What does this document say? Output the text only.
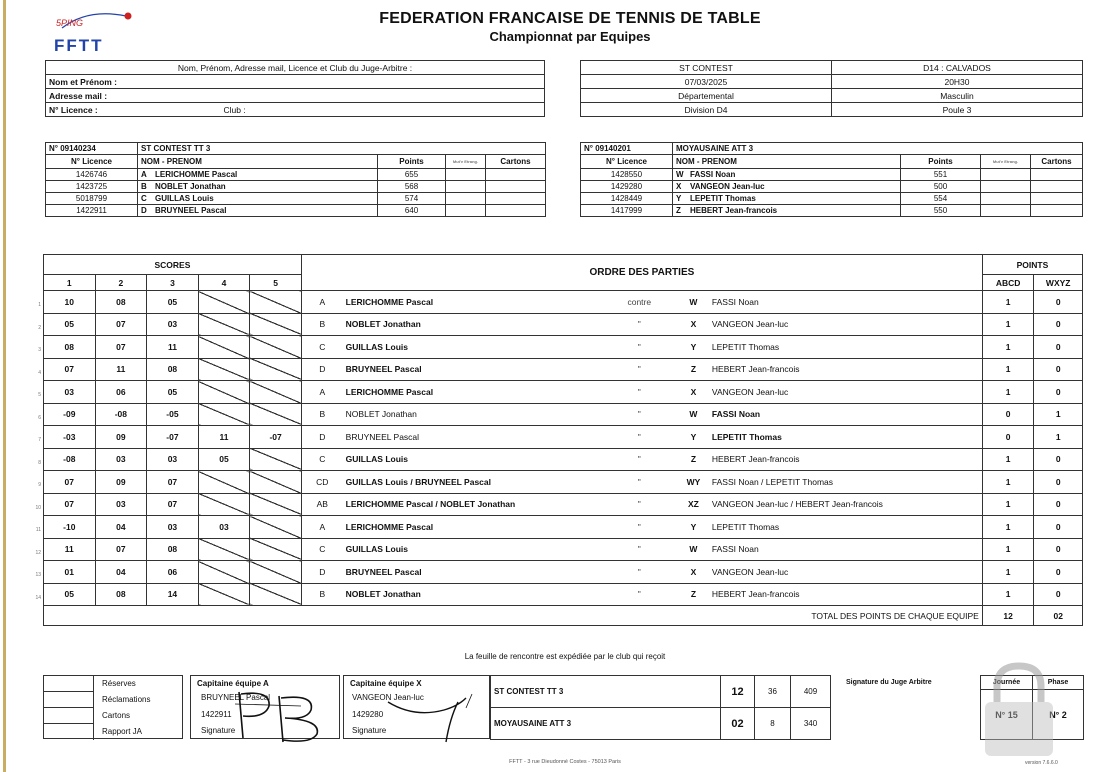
5PING
FFTT
FEDERATION FRANCAISE DE TENNIS DE TABLE
Championnat par Equipes
Nom, Prénom, Adresse mail, Licence et Club du Juge-Arbitre :
Nom et Prénom :
Adresse mail :
N° Licence :	Club :
ST CONTEST	D14 : CALVADOS
07/03/2025	20H30
Départemental	Masculin
Division D4	Poule 3
N° 09140234	ST CONTEST TT 3			
N° Licence	NOM - PRENOM	Points	Mut'e Etrang.	Cartons
1426746	A LERICHOMME Pascal	655		
1423725	B NOBLET Jonathan	568		
5018799	C GUILLAS Louis	574		
1422911	D BRUYNEEL Pascal	640		
N° 09140201	MOYAUSAINE ATT 3			
N° Licence	NOM - PRENOM	Points	Mut'e Etrang.	Cartons
1428550	W FASSI Noan	551		
1429280	X VANGEON Jean-luc	500		
1428449	Y LEPETIT Thomas	554		
1417999	Z HEBERT Jean-francois	550		
SCORES					ORDRE DES PARTIES					POINTS	
1	2	3	4	5						ABCD	WXYZ
10	08	05			A	LERICHOMME Pascal	contre	W	FASSI Noan	1	0
05	07	03			B	NOBLET Jonathan	"	X	VANGEON Jean-luc	1	0
08	07	11			C	GUILLAS Louis	"	Y	LEPETIT Thomas	1	0
07	11	08			D	BRUYNEEL Pascal	"	Z	HEBERT Jean-francois	1	0
03	06	05			A	LERICHOMME Pascal	"	X	VANGEON Jean-luc	1	0
-09	-08	-05			B	NOBLET Jonathan	"	W	FASSI Noan	0	1
-03	09	-07	11	-07	D	BRUYNEEL Pascal	"	Y	LEPETIT Thomas	0	1
-08	03	03	05		C	GUILLAS Louis	"	Z	HEBERT Jean-francois	1	0
07	09	07			CD	GUILLAS Louis / BRUYNEEL Pascal	"	WY	FASSI Noan / LEPETIT Thomas	1	0
07	03	07			AB	LERICHOMME Pascal / NOBLET Jonathan	"	XZ	VANGEON Jean-luc / HEBERT Jean-francois	1	0
-10	04	03	03		A	LERICHOMME Pascal	"	Y	LEPETIT Thomas	1	0
11	07	08			C	GUILLAS Louis	"	W	FASSI Noan	1	0
01	04	06			D	BRUYNEEL Pascal	"	X	VANGEON Jean-luc	1	0
05	08	14			B	NOBLET Jonathan	"	Z	HEBERT Jean-francois	1	0
TOTAL DES POINTS DE CHAQUE EQUIPE										12	02
La feuille de rencontre est expédiée par le club qui reçoit
Réserves
Réclamations
Cartons
Rapport JA
Capitaine équipe A
BRUYNEEL Pascal
1422911
Signature
Capitaine équipe X
VANGEON Jean-luc
1429280
Signature
ST CONTEST TT 3	12	36	409
MOYAUSAINE ATT 3	02	8	340
Signature du Juge Arbitre	Journée	Phase
N° 15	N° 2
FFTT - 3 rue Dieudonné Costes - 75013 Paris	version 7.6.6.0
1
2
3
4
5
6
7
8
9
10
11
12
13
14
